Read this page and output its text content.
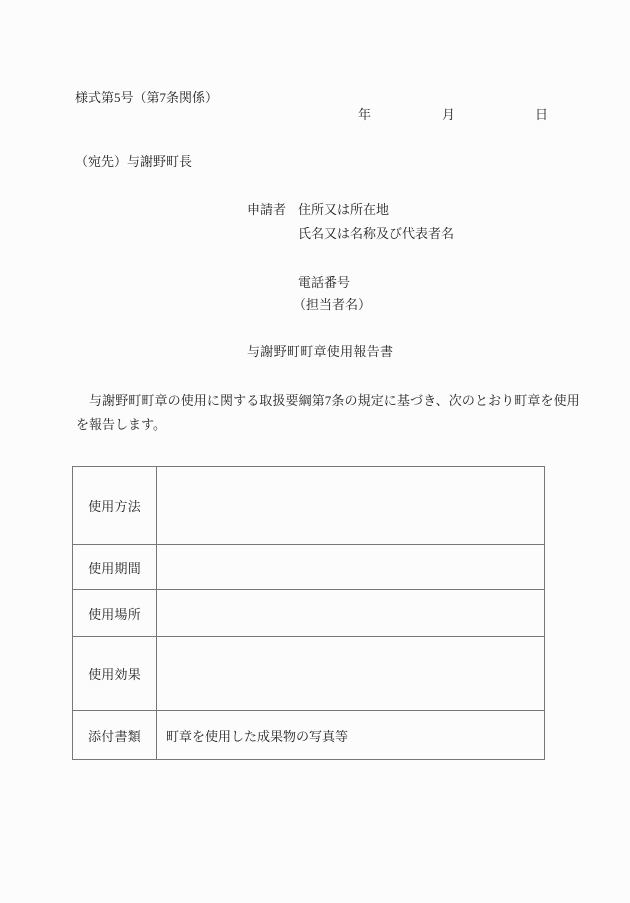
様式第5号（第7条関係）
年	月	日
（宛先）与謝野町長
申請者 住所又は所在地
氏名又は名称及び代表者名
電話番号
（担当者名）
与謝野町町章使用報告書
与謝野町町章の使用に関する取扱要綱第7条の規定に基づき、次のとおり町章を使用
を報告します。
使用方法
使用期間
使用場所
使用効果
添付書類	町章を使用した成果物の写真等
